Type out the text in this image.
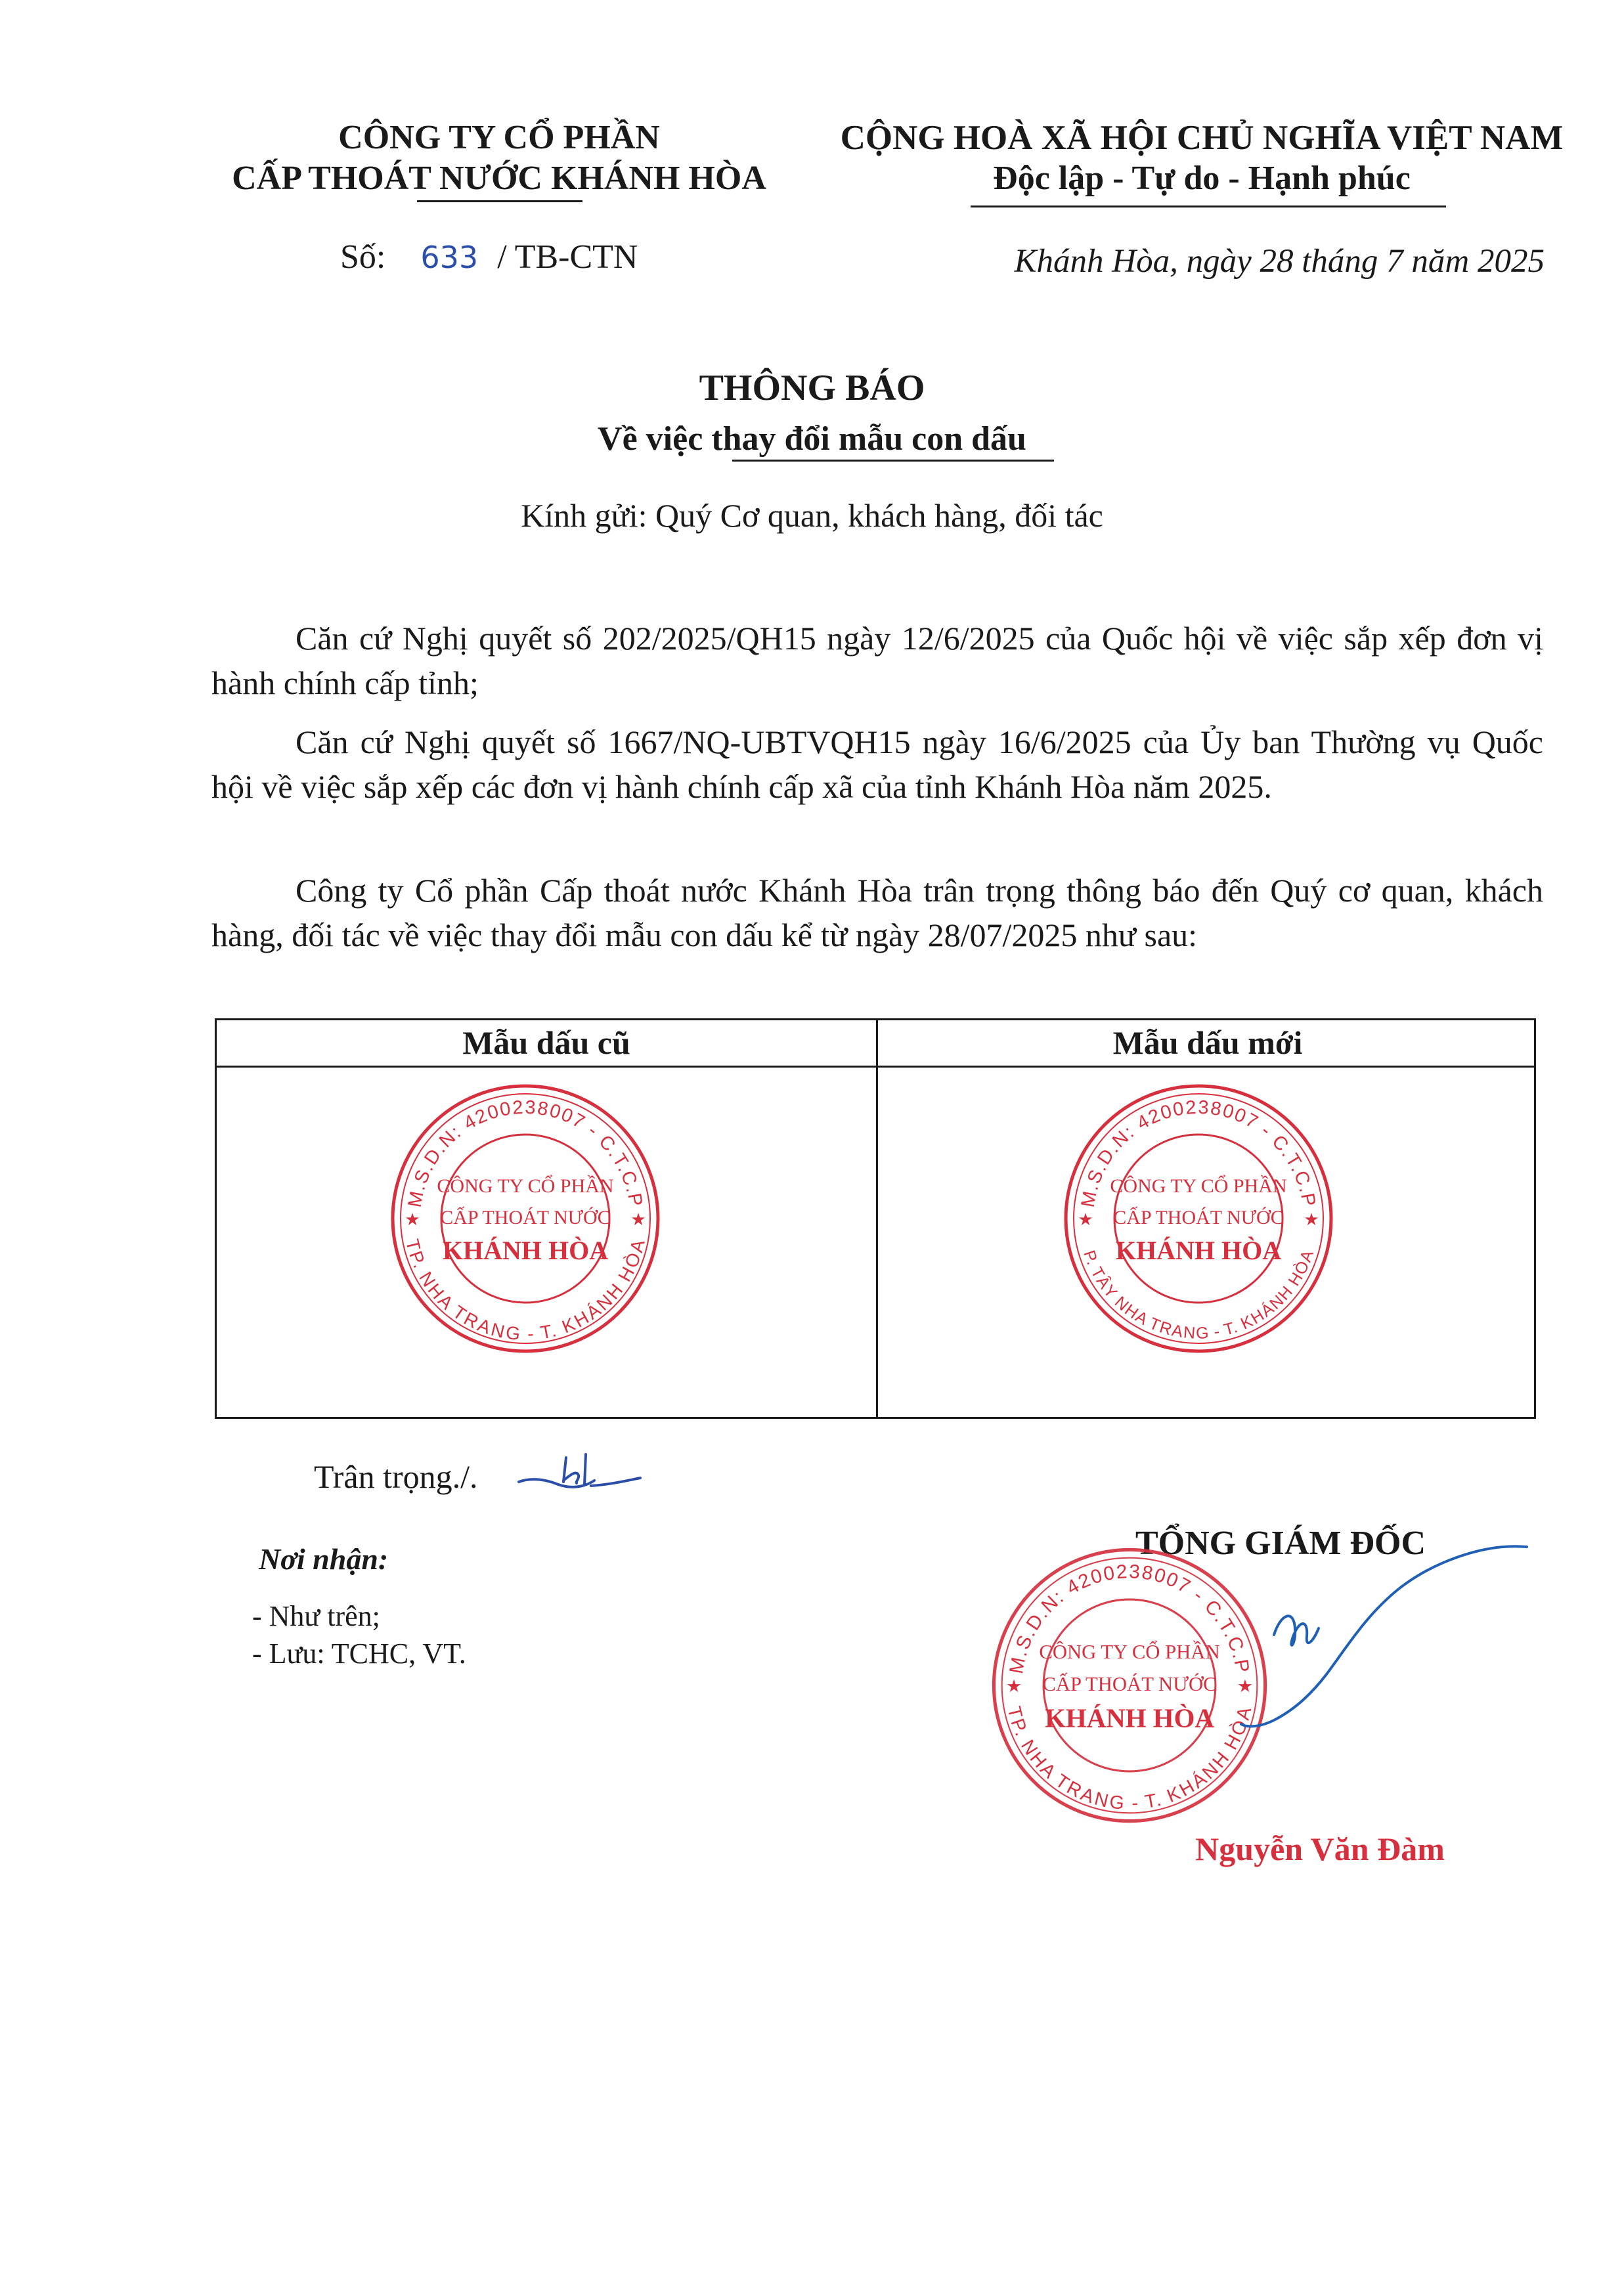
CÔNG TY CỔ PHẦN
CẤP THOÁT NƯỚC KHÁNH HÒA
Số: 633 / TB-CTN
CỘNG HOÀ XÃ HỘI CHỦ NGHĨA VIỆT NAM
Độc lập - Tự do - Hạnh phúc
Khánh Hòa, ngày 28 tháng 7 năm 2025
THÔNG BÁO
Về việc thay đổi mẫu con dấu
Kính gửi: Quý Cơ quan, khách hàng, đối tác
Căn cứ Nghị quyết số 202/2025/QH15 ngày 12/6/2025 của Quốc hội về việc sắp xếp đơn vị hành chính cấp tỉnh;
Căn cứ Nghị quyết số 1667/NQ-UBTVQH15 ngày 16/6/2025 của Ủy ban Thường vụ Quốc hội về việc sắp xếp các đơn vị hành chính cấp xã của tỉnh Khánh Hòa năm 2025.
Công ty Cổ phần Cấp thoát nước Khánh Hòa trân trọng thông báo đến Quý cơ quan, khách hàng, đối tác về việc thay đổi mẫu con dấu kể từ ngày 28/07/2025 như sau:
Mẫu dấu cũ	Mẫu dấu mới
M.S.D.N: 4200238007 - C.T.C.P
TP. NHA TRANG - T. KHÁNH HÒA
★	★
CÔNG TY CỔ PHẦN
CẤP THOÁT NƯỚC
KHÁNH HÒA
M.S.D.N: 4200238007 - C.T.C.P
P. TÂY NHA TRANG - T. KHÁNH HÒA
★	★
CÔNG TY CỔ PHẦN
CẤP THOÁT NƯỚC
KHÁNH HÒA
Trân trọng./.
Nơi nhận:
- Như trên;
- Lưu: TCHC, VT.
TỔNG GIÁM ĐỐC
M.S.D.N: 4200238007 - C.T.C.P
TP. NHA TRANG - T. KHÁNH HÒA
★	★
CÔNG TY CỔ PHẦN
CẤP THOÁT NƯỚC
KHÁNH HÒA
Nguyễn Văn Đàm
